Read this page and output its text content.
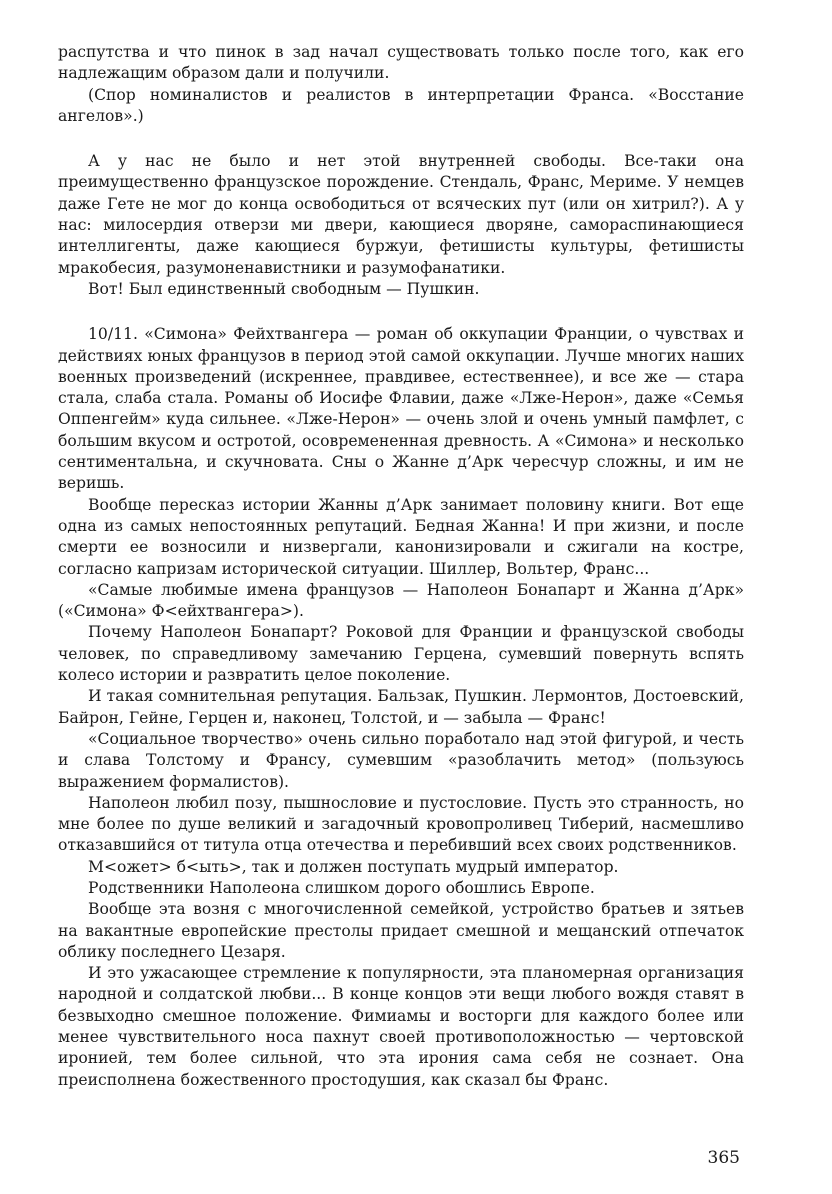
распутства и что пинок в зад начал существовать только после того, как его надлежащим образом дали и получили.

(Спор номиналистов и реалистов в интерпретации Франса. «Восстание ангелов».)

А у нас не было и нет этой внутренней свободы. Все-таки она преимущественно французское порождение. Стендаль, Франс, Мериме. У немцев даже Гете не мог до конца освободиться от всяческих пут (или он хитрил?). А у нас: милосердия отверзи ми двери, кающиеся дворяне, самораспинающиеся интеллигенты, даже кающиеся буржуи, фетишисты культуры, фетишисты мракобесия, разумоненавистники и разумофанатики.

Вот! Был единственный свободным — Пушкин.

10/11. «Симона» Фейхтвангера — роман об оккупации Франции, о чувствах и действиях юных французов в период этой самой оккупации. Лучше многих наших военных произведений (искреннее, правдивее, естественнее), и все же — стара стала, слаба стала. Романы об Иосифе Флавии, даже «Лже-Нерон», даже «Семья Оппенгейм» куда сильнее. «Лже-Нерон» — очень злой и очень умный памфлет, с большим вкусом и остротой, осовремененная древность. А «Симона» и несколько сентиментальна, и скучновата. Сны о Жанне д’Арк чересчур сложны, и им не веришь.

Вообще пересказ истории Жанны д’Арк занимает половину книги. Вот еще одна из самых непостоянных репутаций. Бедная Жанна! И при жизни, и после смерти ее возносили и низвергали, канонизировали и сжигали на костре, согласно капризам исторической ситуации. Шиллер, Вольтер, Франс...

«Самые любимые имена французов — Наполеон Бонапарт и Жанна д’Арк» («Симона» Ф<ейхтвангера>).

Почему Наполеон Бонапарт? Роковой для Франции и французской свободы человек, по справедливому замечанию Герцена, сумевший повернуть вспять колесо истории и развратить целое поколение.

И такая сомнительная репутация. Бальзак, Пушкин. Лермонтов, Достоевский, Байрон, Гейне, Герцен и, наконец, Толстой, и — забыла — Франс!

«Социальное творчество» очень сильно поработало над этой фигурой, и честь и слава Толстому и Франсу, сумевшим «разоблачить метод» (пользуюсь выражением формалистов).

Наполеон любил позу, пышнословие и пустословие. Пусть это странность, но мне более по душе великий и загадочный кровопроливец Тиберий, насмешливо отказавшийся от титула отца отечества и перебивший всех своих родственников.

М<ожет> б<ыть>, так и должен поступать мудрый император.

Родственники Наполеона слишком дорого обошлись Европе.

Вообще эта возня с многочисленной семейкой, устройство братьев и зятьев на вакантные европейские престолы придает смешной и мещанский отпечаток облику последнего Цезаря.

И это ужасающее стремление к популярности, эта планомерная организация народной и солдатской любви... В конце концов эти вещи любого вождя ставят в безвыходно смешное положение. Фимиамы и восторги для каждого более или менее чувствительного носа пахнут своей противоположностью — чертовской иронией, тем более сильной, что эта ирония сама себя не сознает. Она преисполнена божественного простодушия, как сказал бы Франс.

365
